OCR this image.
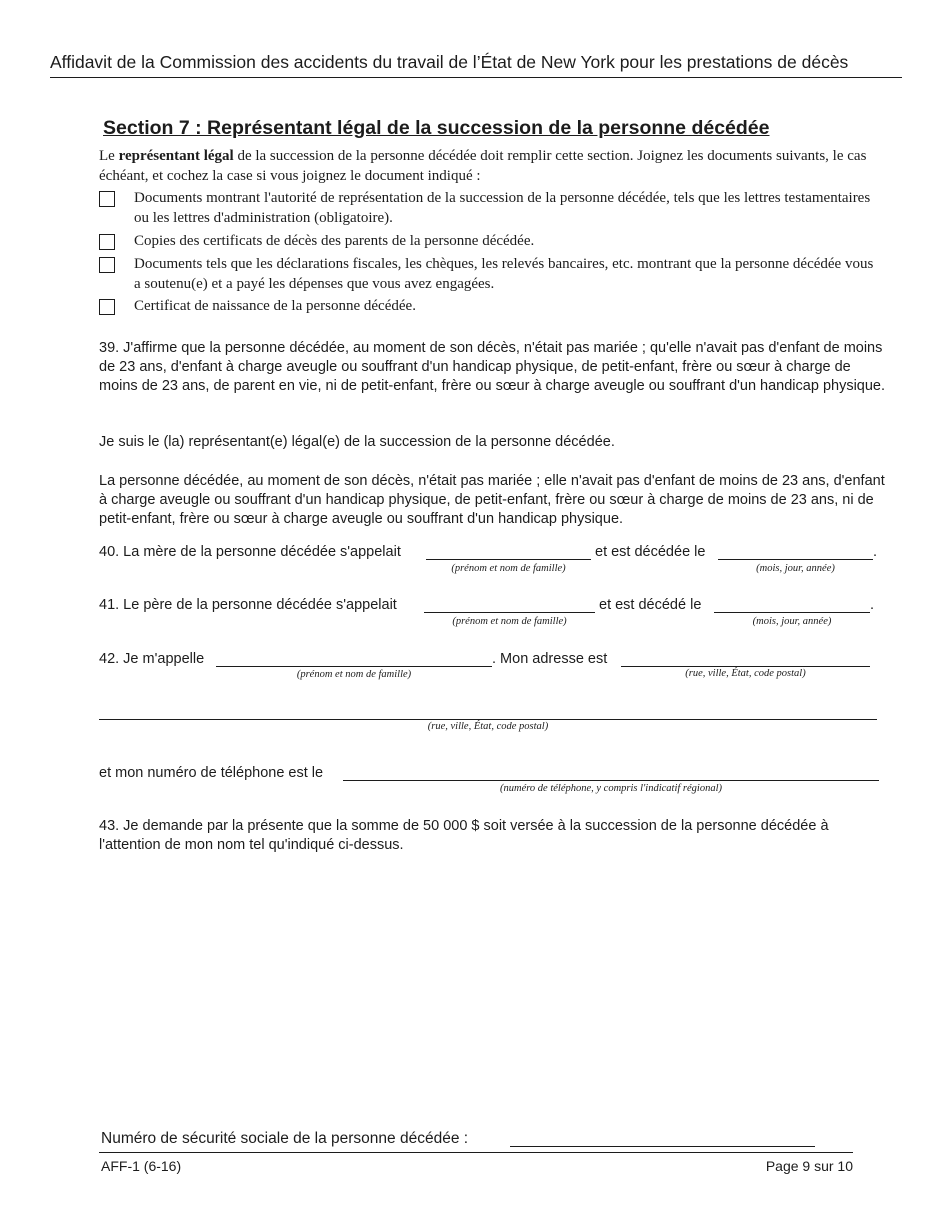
Affidavit de la Commission des accidents du travail de l’État de New York pour les prestations de décès
Section 7 : Représentant légal de la succession de la personne décédée
Le représentant légal de la succession de la personne décédée doit remplir cette section. Joignez les documents suivants, le cas échéant, et cochez la case si vous joignez le document indiqué :
Documents montrant l'autorité de représentation de la succession de la personne décédée, tels que les lettres testamentaires ou les lettres d'administration (obligatoire).
Copies des certificats de décès des parents de la personne décédée.
Documents tels que les déclarations fiscales, les chèques, les relevés bancaires, etc. montrant que la personne décédée vous a soutenu(e) et a payé les dépenses que vous avez engagées.
Certificat de naissance de la personne décédée.
39. J'affirme que la personne décédée, au moment de son décès, n'était pas mariée ; qu'elle n'avait pas d'enfant de moins de 23 ans, d'enfant à charge aveugle ou souffrant d'un handicap physique, de petit-enfant, frère ou sœur à charge de moins de 23 ans, de parent en vie, ni de petit-enfant, frère ou sœur à charge aveugle ou souffrant d'un handicap physique.
Je suis le (la) représentant(e) légal(e) de la succession de la personne décédée.
La personne décédée, au moment de son décès, n'était pas mariée ; elle n'avait pas d'enfant de moins de 23 ans, d'enfant à charge aveugle ou souffrant d'un handicap physique, de petit-enfant, frère ou sœur à charge de moins de 23 ans, ni de petit-enfant, frère ou sœur à charge aveugle ou souffrant d'un handicap physique.
40. La mère de la personne décédée s'appelait	et est décédée le	.
(prénom et nom de famille)	(mois, jour, année)
41. Le père de la personne décédée s'appelait	et est décédé le	.
(prénom et nom de famille)	(mois, jour, année)
42. Je m'appelle	. Mon adresse est
(prénom et nom de famille)	(rue, ville, État, code postal)
(rue, ville, État, code postal)
et mon numéro de téléphone est le
(numéro de téléphone, y compris l'indicatif régional)
43. Je demande par la présente que la somme de 50 000 $ soit versée à la succession de la personne décédée à l'attention de mon nom tel qu'indiqué ci-dessus.
Numéro de sécurité sociale de la personne décédée :
AFF-1 (6-16)	Page 9 sur 10
